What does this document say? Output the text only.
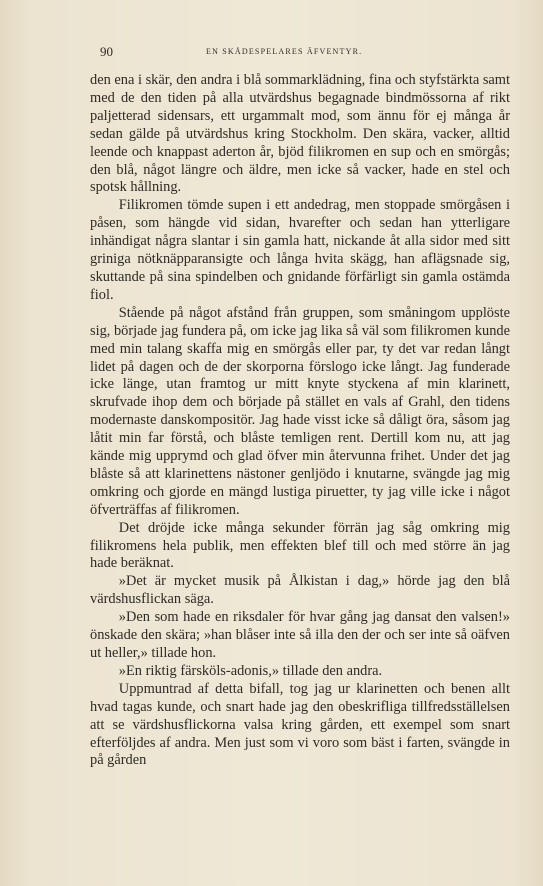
90	EN SKÅDESPELARES ÄFVENTYR.

den ena i skär, den andra i blå sommarklädning, fina och styfstärkta samt med de den tiden på alla utvärdshus begagnade bindmössorna af rikt paljetterad sidensars, ett urgammalt mod, som ännu för ej många år sedan gälde på utvärdshus kring Stockholm. Den skära, vacker, alltid leende och knappast aderton år, bjöd filikromen en sup och en smörgås; den blå, något längre och äldre, men icke så vacker, hade en stel och spotsk hållning.

Filikromen tömde supen i ett andedrag, men stoppade smörgåsen i påsen, som hängde vid sidan, hvarefter och sedan han ytterligare inhändigat några slantar i sin gamla hatt, nickande åt alla sidor med sitt griniga nötknäpparansigte och långa hvita skägg, han aflägsnade sig, skuttande på sina spindelben och gnidande förfärligt sin gamla ostämda fiol.

Stående på något afstånd från gruppen, som småningom upplöste sig, började jag fundera på, om icke jag lika så väl som filikromen kunde med min talang skaffa mig en smörgås eller par, ty det var redan långt lidet på dagen och de der skorporna förslogo icke långt. Jag funderade icke länge, utan framtog ur mitt knyte styckena af min klarinett, skrufvade ihop dem och började på stället en vals af Grahl, den tidens modernaste danskompositör. Jag hade visst icke så dåligt öra, såsom jag låtit min far förstå, och blåste temligen rent. Dertill kom nu, att jag kände mig upprymd och glad öfver min återvunna frihet. Under det jag blåste så att klarinettens nästoner genljödo i knutarne, svängde jag mig omkring och gjorde en mängd lustiga piruetter, ty jag ville icke i något öfverträffas af filikromen.

Det dröjde icke många sekunder förrän jag såg omkring mig filikromens hela publik, men effekten blef till och med större än jag hade beräknat.

»Det är mycket musik på Ålkistan i dag,» hörde jag den blå värdshusflickan säga.

»Den som hade en riksdaler för hvar gång jag dansat den valsen!» önskade den skära; »han blåser inte så illa den der och ser inte så oäfven ut heller,» tillade hon.

»En riktig färsköls-adonis,» tillade den andra.

Uppmuntrad af detta bifall, tog jag ur klarinetten och benen allt hvad tagas kunde, och snart hade jag den obeskrifliga tillfredsställelsen att se värdshusflickorna valsa kring gården, ett exempel som snart efterföljdes af andra. Men just som vi voro som bäst i farten, svängde in på gården
